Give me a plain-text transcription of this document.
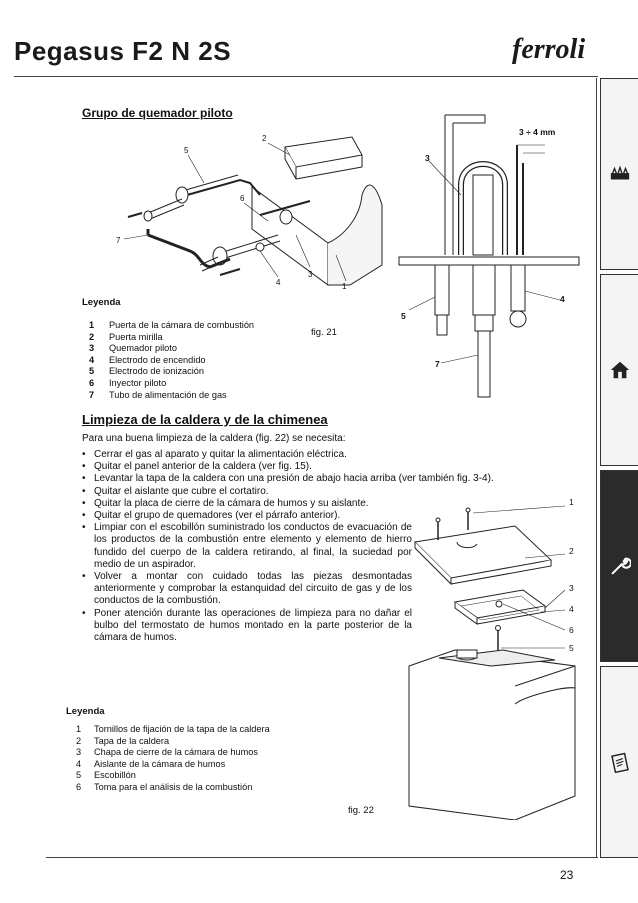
Pegasus F2 N 2S	ferroli
Grupo de quemador piloto
2
5
6
7
4
3
1
3 ÷ 4 mm
3
5
4
7
Leyenda
1	Puerta de la cámara de combustión
2	Puerta mirilla
3	Quemador piloto
4	Electrodo de encendido
5	Electrodo de ionización
6	Inyector piloto
7	Tubo de alimentación de gas
fig. 21
Limpieza de la caldera y de la chimenea
Para una buena limpieza de la caldera (fig. 22) se necesita:
• Cerrar el gas al aparato y quitar la alimentación eléctrica.
• Quitar el panel anterior de la caldera (ver fig. 15).
• Levantar la tapa de la caldera con una presión de abajo hacia arriba (ver también fig. 3-4).
• Quitar el aislante que cubre el cortatiro.
• Quitar la placa de cierre de la cámara de humos y su aislante.
• Quitar el grupo de quemadores (ver el párrafo anterior).
• Limpiar con el escobillón suministrado los conductos de evacuación de los productos de la combustión entre elemento y elemento de hierro fundido del cuerpo de la caldera retirando, al final, la suciedad por medio de un aspirador.
• Volver a montar con cuidado todas las piezas desmontadas anteriormente y comprobar la estanquidad del circuito de gas y de los conductos de la combustión.
• Poner atención durante las operaciones de limpieza para no dañar el bulbo del termostato de humos montado en la parte posterior de la cámara de humos.
1
2
3
4
6
5
Leyenda
1	Tornillos de fijación de la tapa de la caldera
2	Tapa de la caldera
3	Chapa de cierre de la cámara de humos
4	Aislante de la cámara de humos
5	Escobillón
6	Toma para el análisis de la combustión
fig. 22
23
